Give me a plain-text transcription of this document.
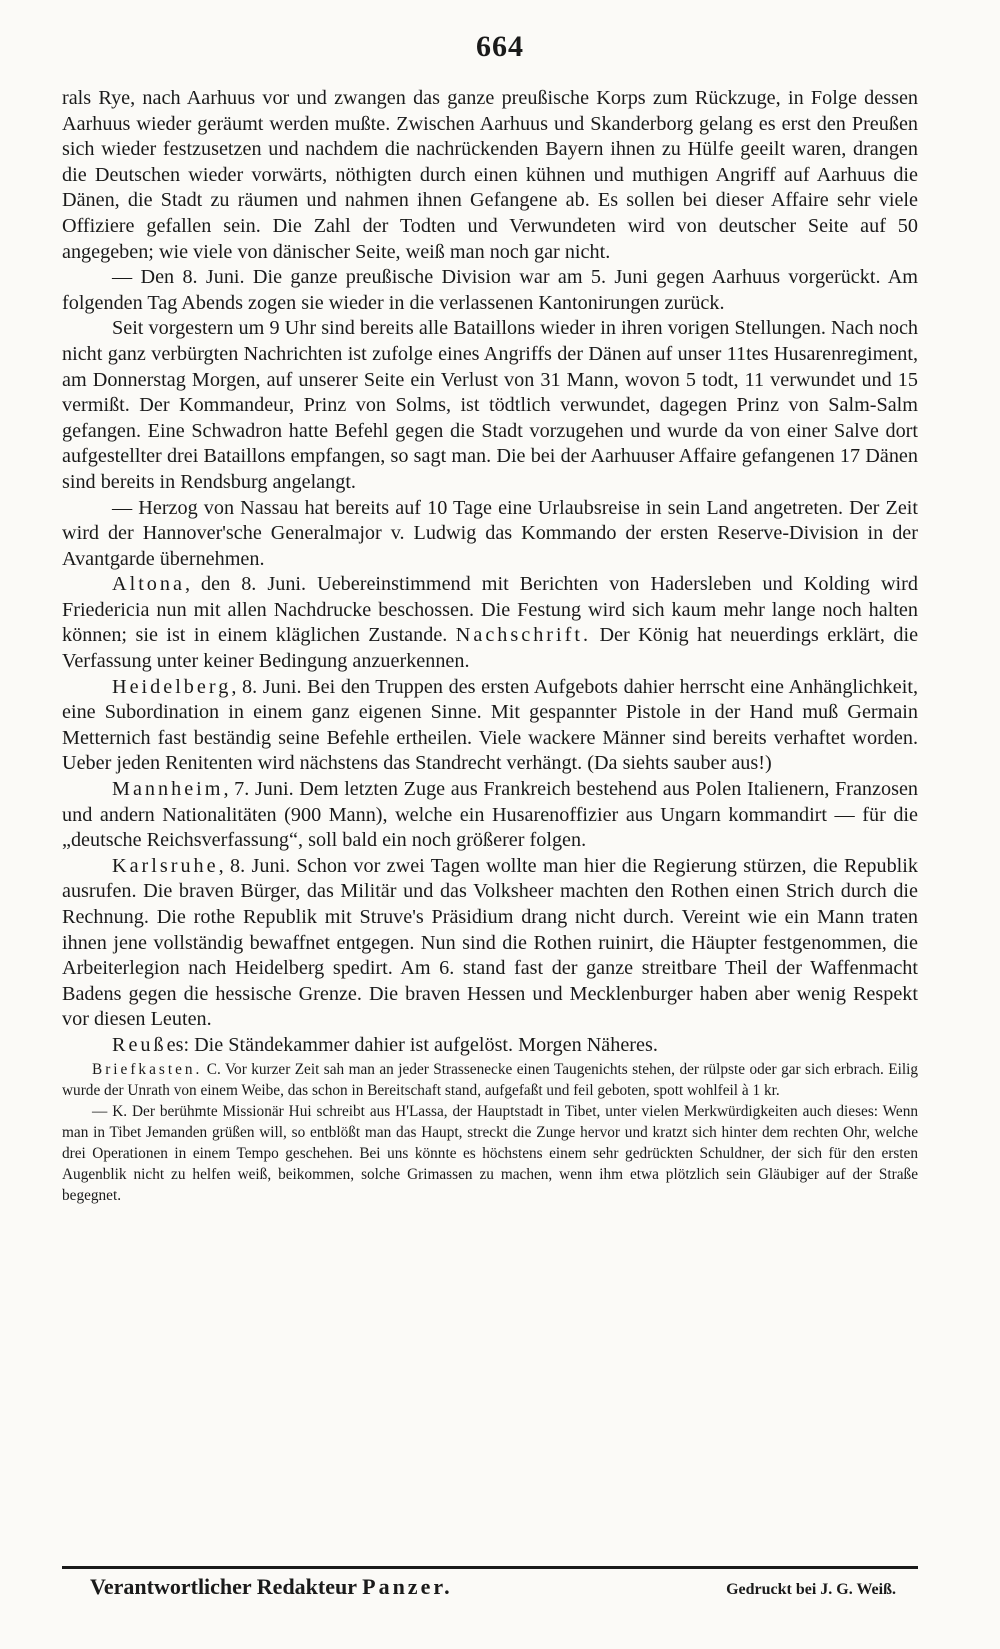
664

rals Rye, nach Aarhuus vor und zwangen das ganze preußische Korps zum Rückzuge, in Folge dessen Aarhuus wieder geräumt werden mußte. Zwischen Aarhuus und Skanderborg gelang es erst den Preußen sich wieder festzusetzen und nachdem die nachrückenden Bayern ihnen zu Hülfe geeilt waren, drangen die Deutschen wieder vorwärts, nöthigten durch einen kühnen und muthigen Angriff auf Aarhuus die Dänen, die Stadt zu räumen und nahmen ihnen Gefangene ab. Es sollen bei dieser Affaire sehr viele Offiziere gefallen sein. Die Zahl der Todten und Verwundeten wird von deutscher Seite auf 50 angegeben; wie viele von dänischer Seite, weiß man noch gar nicht.

— Den 8. Juni. Die ganze preußische Division war am 5. Juni gegen Aarhuus vorgerückt. Am folgenden Tag Abends zogen sie wieder in die verlassenen Kantonirungen zurück.

Seit vorgestern um 9 Uhr sind bereits alle Bataillons wieder in ihren vorigen Stellungen. Nach noch nicht ganz verbürgten Nachrichten ist zufolge eines Angriffs der Dänen auf unser 11tes Husarenregiment, am Donnerstag Morgen, auf unserer Seite ein Verlust von 31 Mann, wovon 5 todt, 11 verwundet und 15 vermißt. Der Kommandeur, Prinz von Solms, ist tödtlich verwundet, dagegen Prinz von Salm-Salm gefangen. Eine Schwadron hatte Befehl gegen die Stadt vorzugehen und wurde da von einer Salve dort aufgestellter drei Bataillons empfangen, so sagt man. Die bei der Aarhuuser Affaire gefangenen 17 Dänen sind bereits in Rendsburg angelangt.

— Herzog von Nassau hat bereits auf 10 Tage eine Urlaubsreise in sein Land angetreten. Der Zeit wird der Hannover'sche Generalmajor v. Ludwig das Kommando der ersten Reserve-Division in der Avantgarde übernehmen.

Altona, den 8. Juni. Uebereinstimmend mit Berichten von Hadersleben und Kolding wird Friedericia nun mit allen Nachdrucke beschossen. Die Festung wird sich kaum mehr lange noch halten können; sie ist in einem kläglichen Zustande. Nachschrift. Der König hat neuerdings erklärt, die Verfassung unter keiner Bedingung anzuerkennen.

Heidelberg, 8. Juni. Bei den Truppen des ersten Aufgebots dahier herrscht eine Anhänglichkeit, eine Subordination in einem ganz eigenen Sinne. Mit gespannter Pistole in der Hand muß Germain Metternich fast beständig seine Befehle ertheilen. Viele wackere Männer sind bereits verhaftet worden. Ueber jeden Renitenten wird nächstens das Standrecht verhängt. (Da siehts sauber aus!)

Mannheim, 7. Juni. Dem letzten Zuge aus Frankreich bestehend aus Polen Italienern, Franzosen und andern Nationalitäten (900 Mann), welche ein Husarenoffizier aus Ungarn kommandirt — für die „deutsche Reichsverfassung“, soll bald ein noch größerer folgen.

Karlsruhe, 8. Juni. Schon vor zwei Tagen wollte man hier die Regierung stürzen, die Republik ausrufen. Die braven Bürger, das Militär und das Volksheer machten den Rothen einen Strich durch die Rechnung. Die rothe Republik mit Struve's Präsidium drang nicht durch. Vereint wie ein Mann traten ihnen jene vollständig bewaffnet entgegen. Nun sind die Rothen ruinirt, die Häupter festgenommen, die Arbeiterlegion nach Heidelberg spedirt. Am 6. stand fast der ganze streitbare Theil der Waffenmacht Badens gegen die hessische Grenze. Die braven Hessen und Mecklenburger haben aber wenig Respekt vor diesen Leuten.

Reußes: Die Ständekammer dahier ist aufgelöst. Morgen Näheres.

Briefkasten. C. Vor kurzer Zeit sah man an jeder Strassenecke einen Taugenichts stehen, der rülpste oder gar sich erbrach. Eilig wurde der Unrath von einem Weibe, das schon in Bereitschaft stand, aufgefaßt und feil geboten, spott wohlfeil à 1 kr.

— K. Der berühmte Missionär Hui schreibt aus H'Lassa, der Hauptstadt in Tibet, unter vielen Merkwürdigkeiten auch dieses: Wenn man in Tibet Jemanden grüßen will, so entblößt man das Haupt, streckt die Zunge hervor und kratzt sich hinter dem rechten Ohr, welche drei Operationen in einem Tempo geschehen. Bei uns könnte es höchstens einem sehr gedrückten Schuldner, der sich für den ersten Augenblik nicht zu helfen weiß, beikommen, solche Grimassen zu machen, wenn ihm etwa plötzlich sein Gläubiger auf der Straße begegnet.

Verantwortlicher Redakteur Panzer.	Gedruckt bei J. G. Weiß.
